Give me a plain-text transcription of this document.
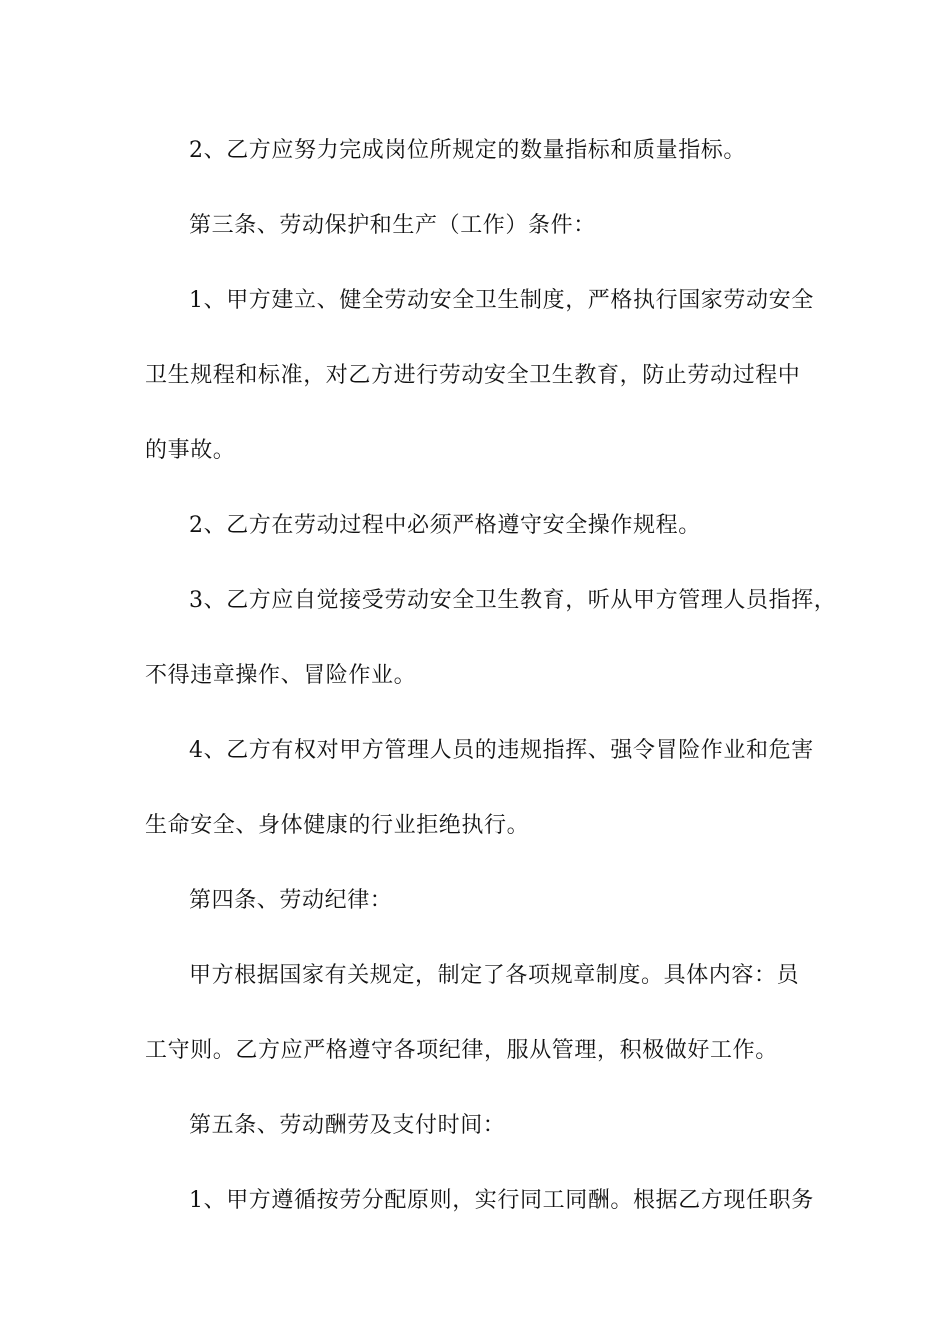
2、乙方应努力完成岗位所规定的数量指标和质量指标。
第三条、劳动保护和生产（工作）条件：
1、甲方建立、健全劳动安全卫生制度，严格执行国家劳动安全
卫生规程和标准，对乙方进行劳动安全卫生教育，防止劳动过程中
的事故。
2、乙方在劳动过程中必须严格遵守安全操作规程。
3、乙方应自觉接受劳动安全卫生教育，听从甲方管理人员指挥，
不得违章操作、冒险作业。
4、乙方有权对甲方管理人员的违规指挥、强令冒险作业和危害
生命安全、身体健康的行业拒绝执行。
第四条、劳动纪律：
甲方根据国家有关规定，制定了各项规章制度。具体内容：员
工守则。乙方应严格遵守各项纪律，服从管理，积极做好工作。
第五条、劳动酬劳及支付时间：
1、甲方遵循按劳分配原则，实行同工同酬。根据乙方现任职务
